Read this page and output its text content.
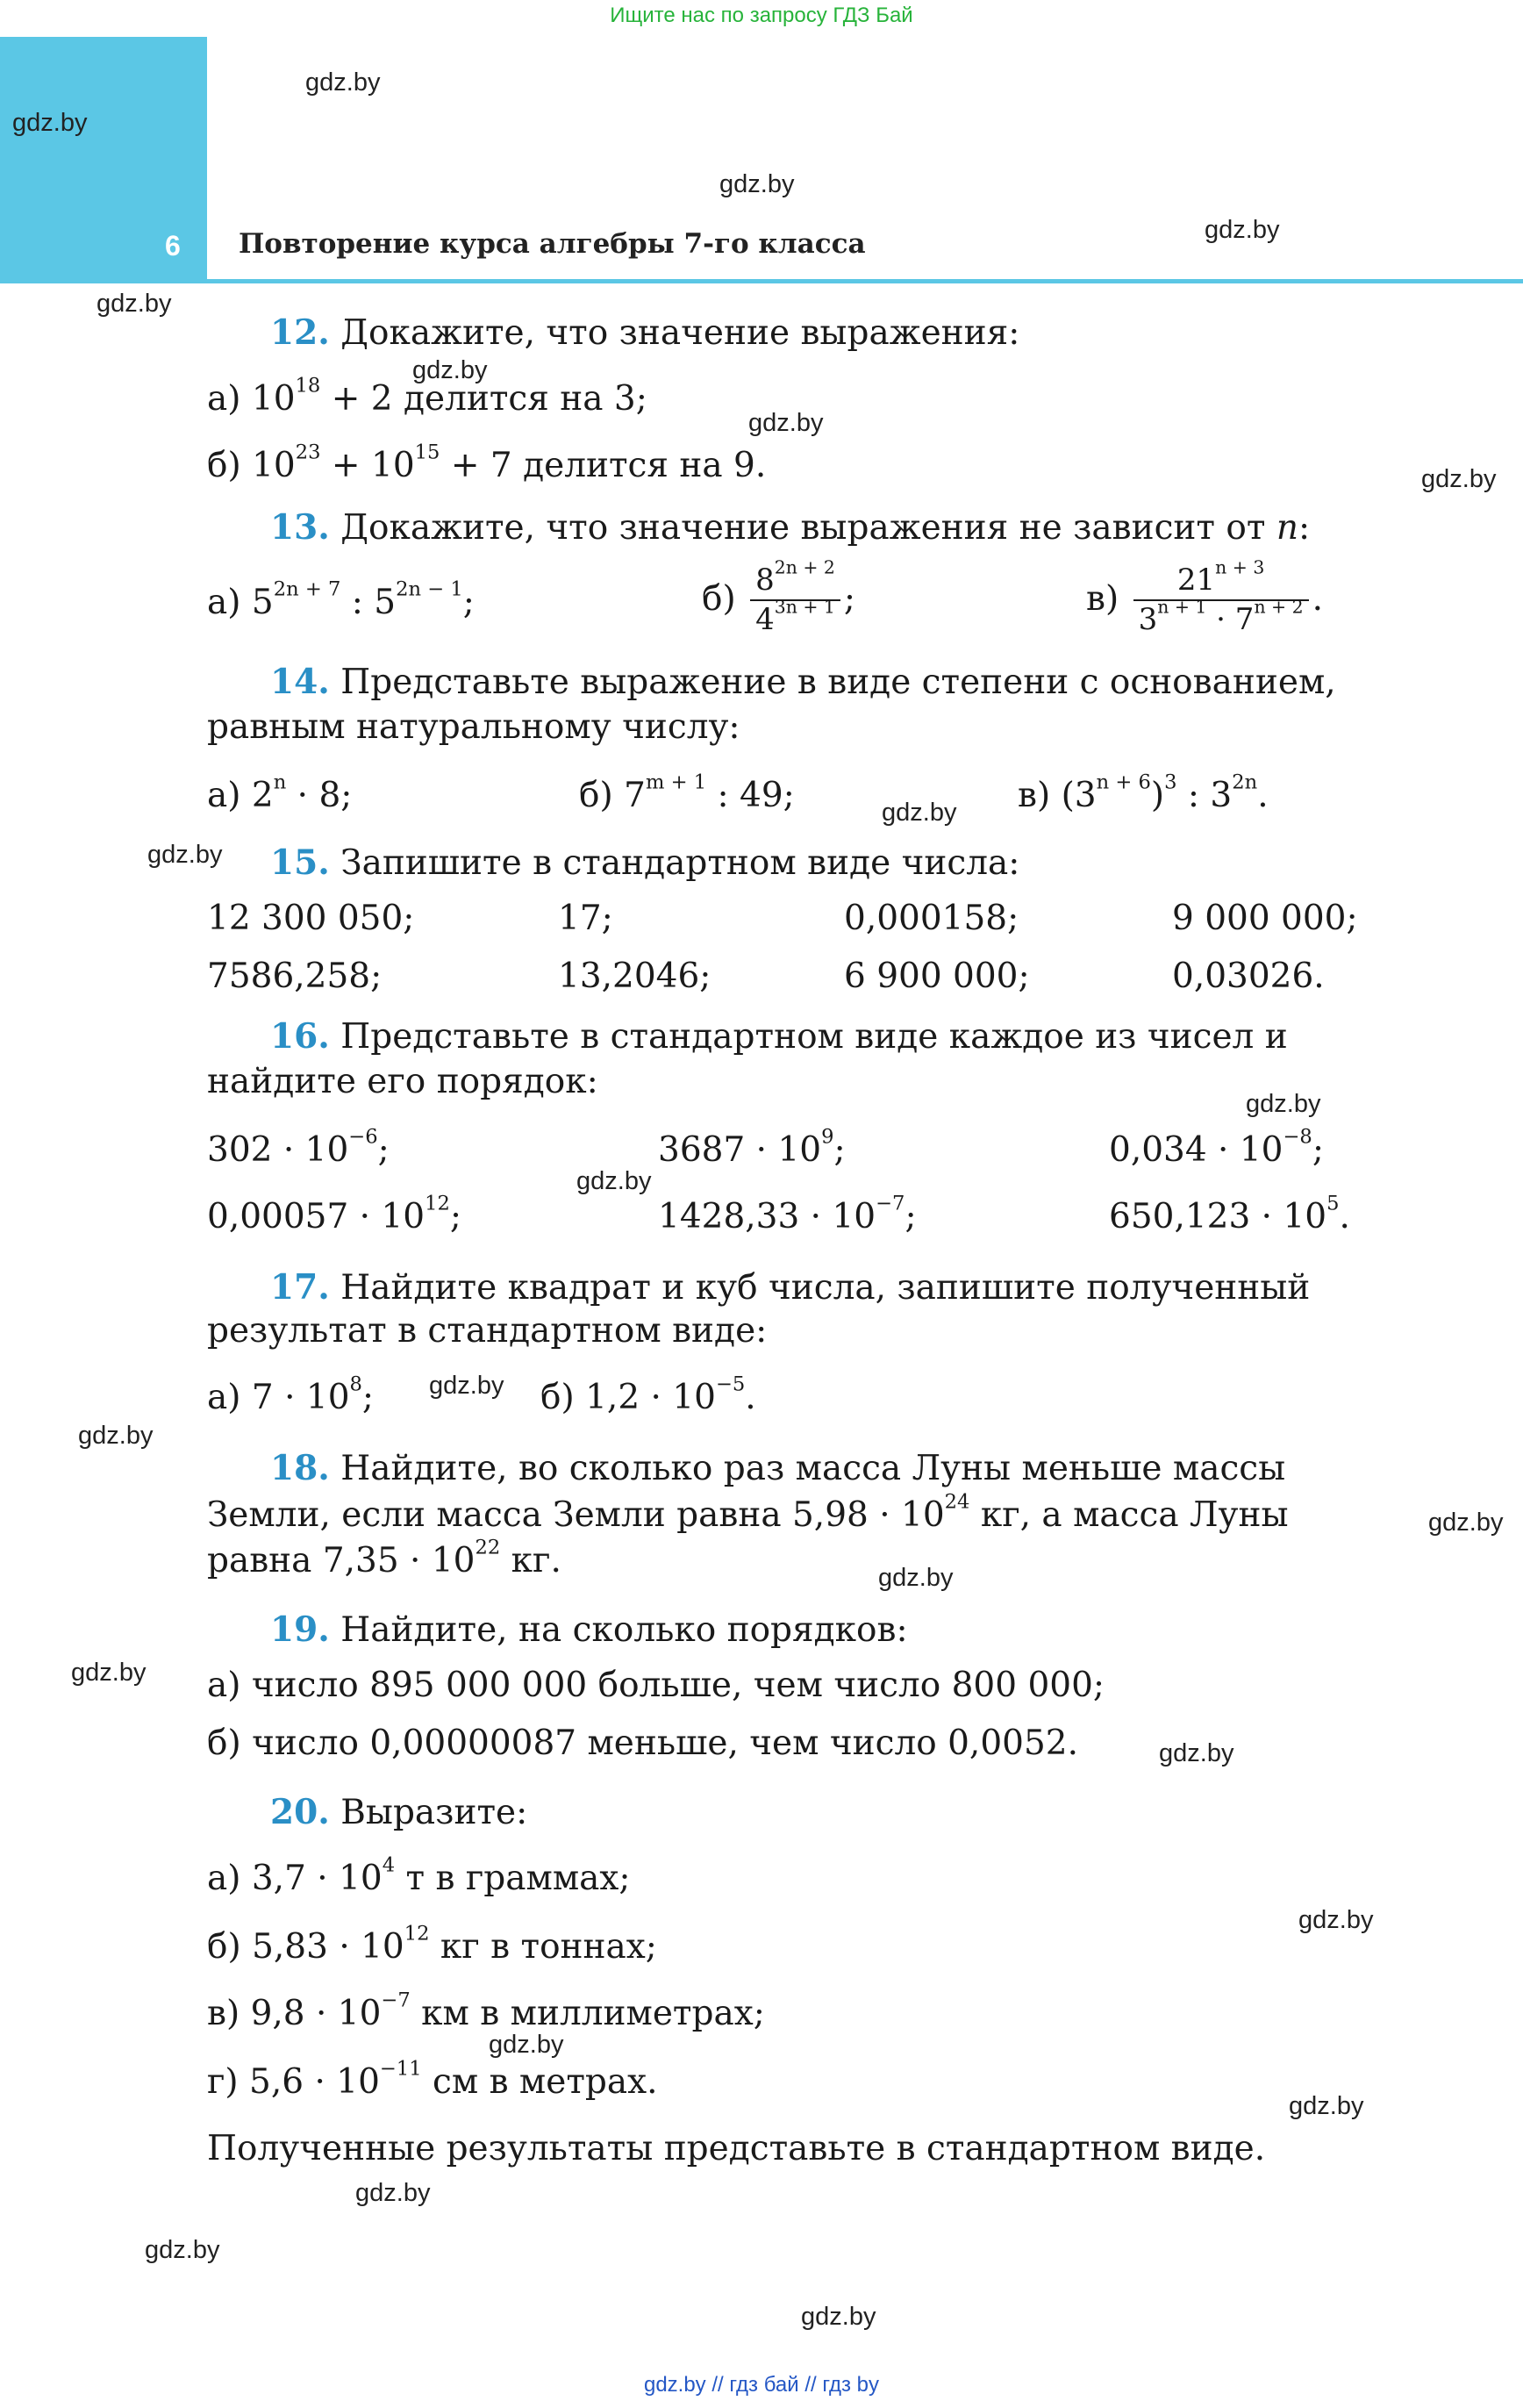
Ищите нас по запросу ГДЗ Бай
6 Повторение курса алгебры 7-го класса
gdz.by
gdz.by
gdz.by
gdz.by
gdz.by
gdz.by
gdz.by
gdz.by
gdz.by
gdz.by
gdz.by
gdz.by
gdz.by
gdz.by
gdz.by
gdz.by
gdz.by
gdz.by
gdz.by
gdz.by
gdz.by
gdz.by
gdz.by
gdz.by
12. Докажите, что значение выражения:
а) $10^{18} + 2$ делится на 3;
б) $10^{23} + 10^{15} + 7$ делится на 9.
13. Докажите, что значение выражения не зависит от n:
а) $5^{2n + 7}$ : $5^{2n - 1}$;	$б) \frac{8^{2n + 2}}{4^{3n + 1}}$ ;	$в) \frac{21^{n + 3}}{3^{n + 1} \cdot 7^{n + 2}}$ .
14. Представьте выражение в виде степени с основанием,
равным натуральному числу:
а) $2^n \cdot 8$;	б) $7^{m + 1}$ : 49;	в) $(3^{n + 6})^3$ : $3^{2n}$.
15. Запишите в стандартном виде числа:
12 300 050;	17;	0,000158;	9 000 000;
7586,258;	13,2046;	6 900 000;	0,03026.
16. Представьте в стандартном виде каждое из чисел и
найдите его порядок:
$302 \cdot 10^{-6}$;	$3687 \cdot 10^9$;	$0,034 \cdot 10^{-8}$;
$0,00057 \cdot 10^{12}$;	$1428,33 \cdot 10^{-7}$;	$650,123 \cdot 10^5$.
17. Найдите квадрат и куб числа, запишите полученный
результат в стандартном виде:
а) $7 \cdot 10^8$;	б) $1,2 \cdot 10^{-5}$.
18. Найдите, во сколько раз масса Луны меньше массы
Земли, если масса Земли равна $5,98 \cdot 10^{24}$ кг, а масса Луны
равна $7,35 \cdot 10^{22}$ кг.
19. Найдите, на сколько порядков:
а) число 895 000 000 больше, чем число 800 000;
б) число 0,00000087 меньше, чем число 0,0052.
20. Выразите:
а) $3,7 \cdot 10^4$ т в граммах;
б) $5,83 \cdot 10^{12}$ кг в тоннах;
в) $9,8 \cdot 10^{-7}$ км в миллиметрах;
г) $5,6 \cdot 10^{-11}$ см в метрах.
Полученные результаты представьте в стандартном виде.
gdz.by // гдз бай // гдз by
